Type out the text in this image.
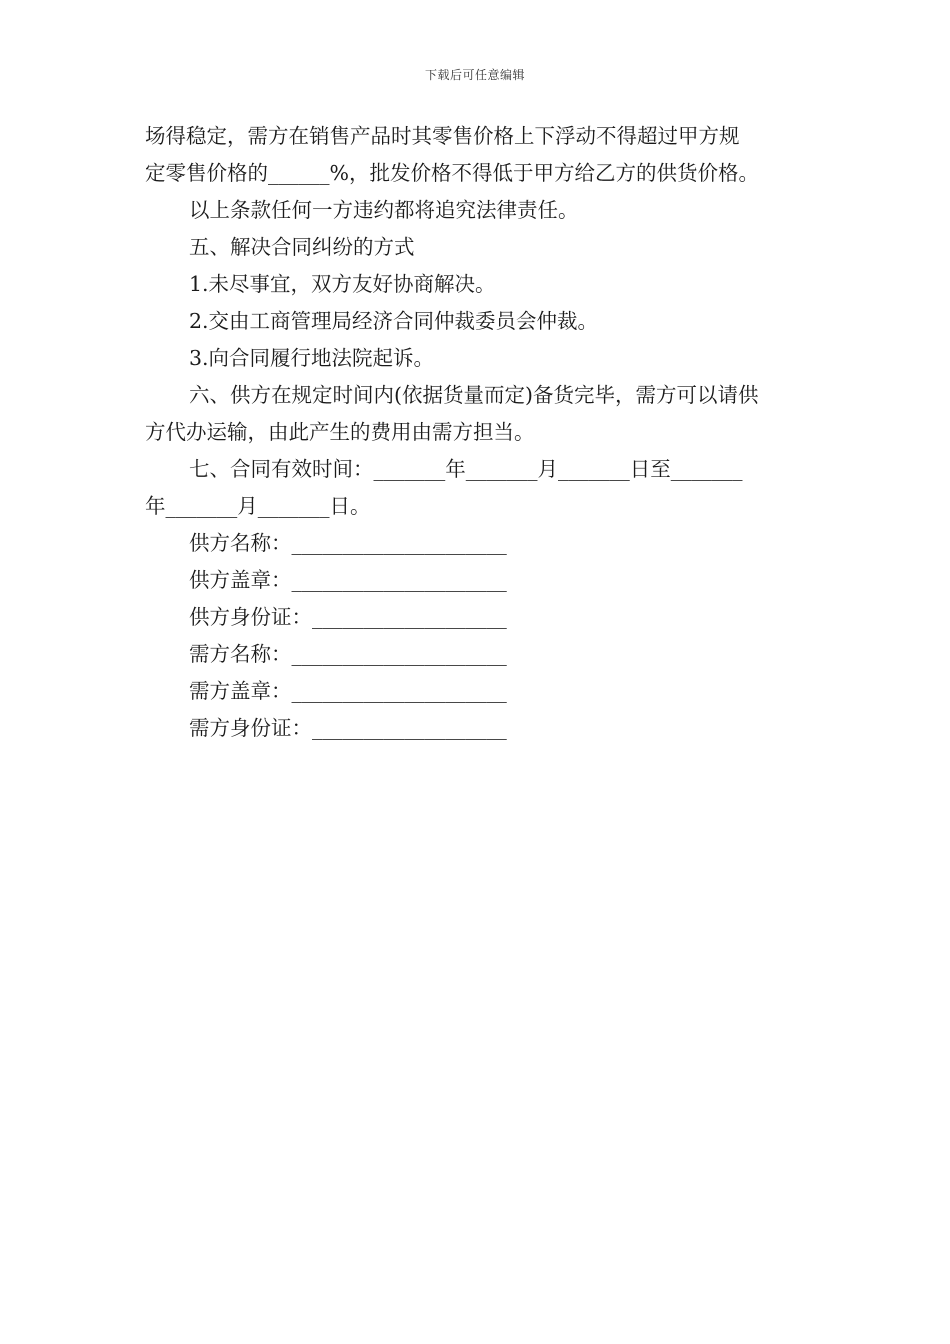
下载后可任意编辑
场得稳定，需方在销售产品时其零售价格上下浮动不得超过甲方规
定零售价格的______%，批发价格不得低于甲方给乙方的供货价格。
以上条款任何一方违约都将追究法律责任。
五、解决合同纠纷的方式
1.未尽事宜，双方友好协商解决。
2.交由工商管理局经济合同仲裁委员会仲裁。
3.向合同履行地法院起诉。
六、供方在规定时间内(依据货量而定)备货完毕，需方可以请供
方代办运输，由此产生的费用由需方担当。
七、合同有效时间：_______年_______月_______日至_______
年_______月_______日。
供方名称：_____________________
供方盖章：_____________________
供方身份证：___________________
需方名称：_____________________
需方盖章：_____________________
需方身份证：___________________
